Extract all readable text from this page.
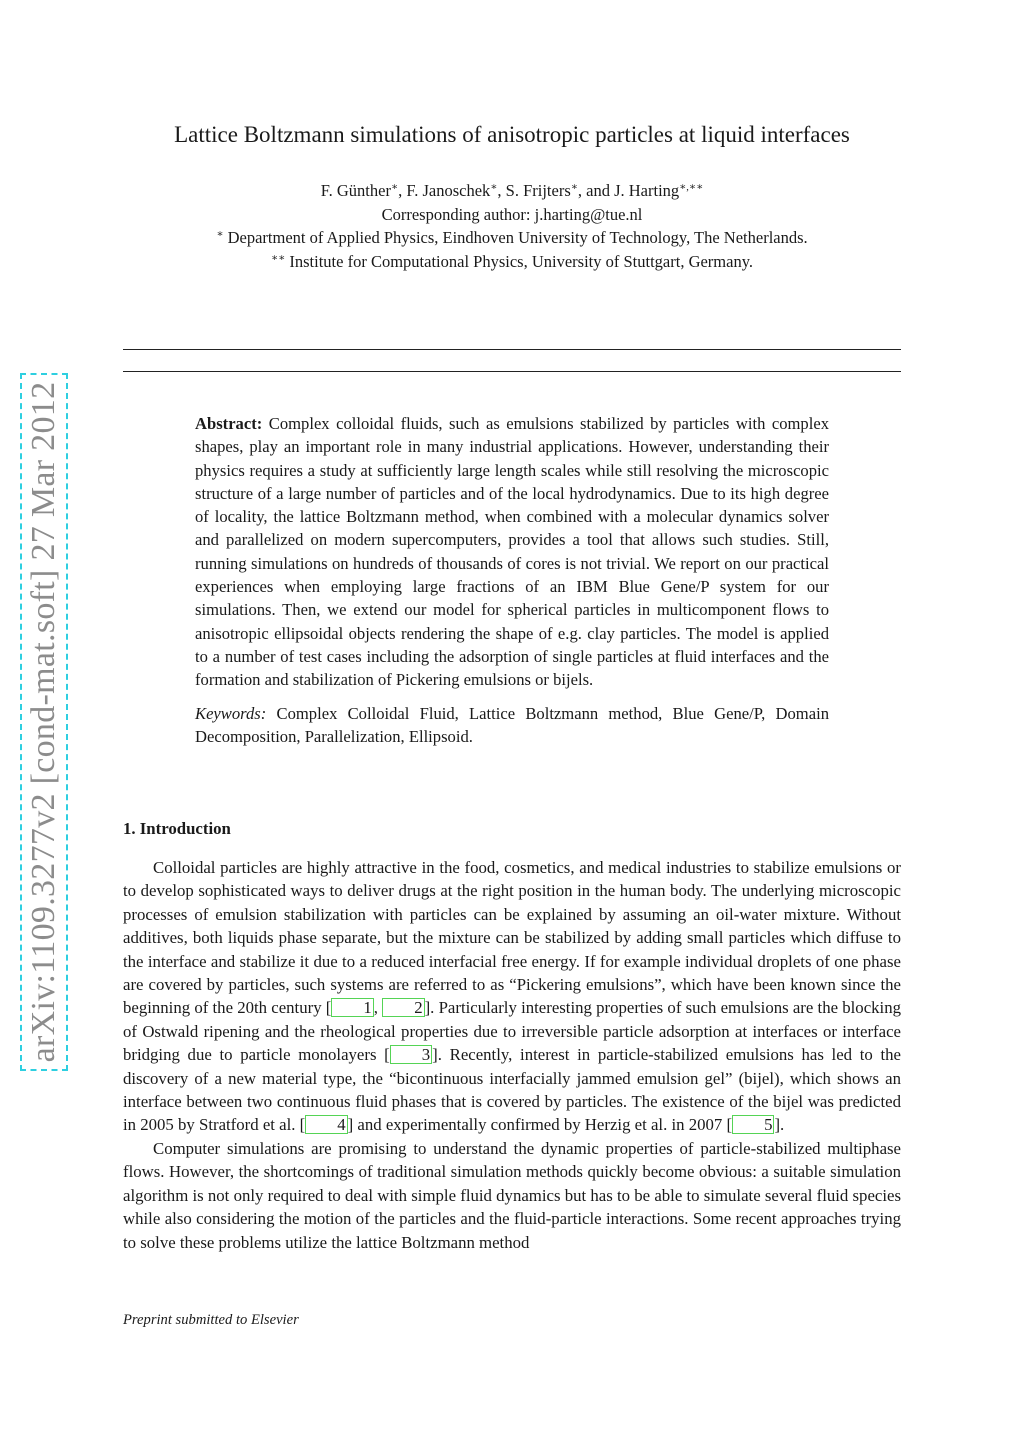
Lattice Boltzmann simulations of anisotropic particles at liquid interfaces
F. Günther∗, F. Janoschek∗, S. Frijters∗, and J. Harting∗,∗∗
Corresponding author: j.harting@tue.nl
∗ Department of Applied Physics, Eindhoven University of Technology, The Netherlands.
∗∗ Institute for Computational Physics, University of Stuttgart, Germany.

Abstract: Complex colloidal fluids, such as emulsions stabilized by particles with complex shapes, play an important role in many industrial applications. However, understanding their physics requires a study at sufficiently large length scales while still resolving the microscopic structure of a large number of particles and of the local hydrodynamics. Due to its high degree of locality, the lattice Boltzmann method, when combined with a molecular dynamics solver and parallelized on modern supercomputers, provides a tool that allows such studies. Still, running simulations on hundreds of thousands of cores is not trivial. We report on our practical experiences when employing large fractions of an IBM Blue Gene/P system for our simulations. Then, we extend our model for spherical particles in multicomponent flows to anisotropic ellipsoidal objects rendering the shape of e.g. clay particles. The model is applied to a number of test cases including the adsorption of single particles at fluid interfaces and the formation and stabilization of Pickering emulsions or bijels.

Keywords: Complex Colloidal Fluid, Lattice Boltzmann method, Blue Gene/P, Domain Decomposition, Parallelization, Ellipsoid.

1. Introduction

Colloidal particles are highly attractive in the food, cosmetics, and medical industries to stabilize emulsions or to develop sophisticated ways to deliver drugs at the right position in the human body. The underlying microscopic processes of emulsion stabilization with particles can be explained by assuming an oil-water mixture. Without additives, both liquids phase separate, but the mixture can be stabilized by adding small particles which diffuse to the interface and stabilize it due to a reduced interfacial free energy. If for example individual droplets of one phase are covered by particles, such systems are referred to as “Pickering emulsions”, which have been known since the beginning of the 20th century [ 1 , 2 ]. Particularly interesting properties of such emulsions are the blocking of Ostwald ripening and the rheological properties due to irreversible particle adsorption at interfaces or interface bridging due to particle monolayers [ 3 ]. Recently, interest in particle-stabilized emulsions has led to the discovery of a new material type, the “bicontinuous interfacially jammed emulsion gel” (bijel), which shows an interface between two continuous fluid phases that is covered by particles. The existence of the bijel was predicted in 2005 by Stratford et al. [ 4 ] and experimentally confirmed by Herzig et al. in 2007 [ 5 ].

Computer simulations are promising to understand the dynamic properties of particle-stabilized multiphase flows. However, the shortcomings of traditional simulation methods quickly become obvious: a suitable simulation algorithm is not only required to deal with simple fluid dynamics but has to be able to simulate several fluid species while also considering the motion of the particles and the fluid-particle interactions. Some recent approaches trying to solve these problems utilize the lattice Boltzmann method

Preprint submitted to Elsevier
arXiv:1109.3277v2 [cond-mat.soft] 27 Mar 2012
